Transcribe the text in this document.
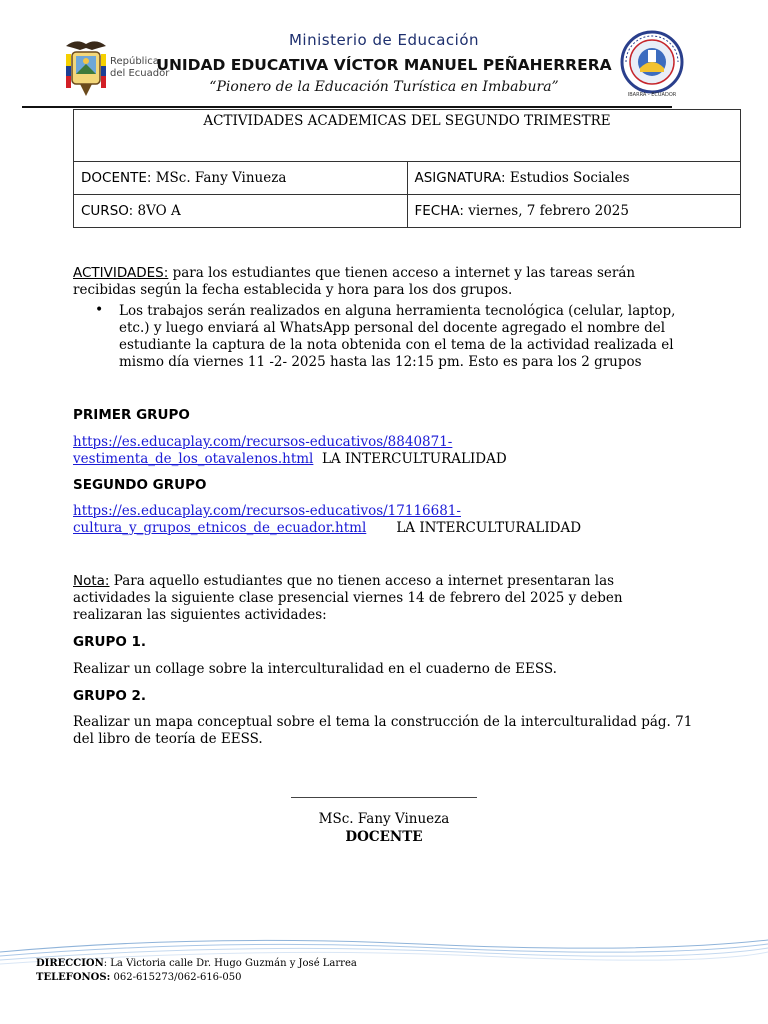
República
del Ecuador
Ministerio de Educación
UNIDAD EDUCATIVA VÍCTOR MANUEL PEÑAHERRERA
“Pionero de la Educación Turística en Imbabura”	IBARRA - ECUADOR
ACTIVIDADES ACADEMICAS DEL SEGUNDO TRIMESTRE	
DOCENTE: MSc. Fany Vinueza	ASIGNATURA: Estudios Sociales
CURSO: 8VO A	FECHA: viernes, 7 febrero 2025
ACTIVIDADES: para los estudiantes que tienen acceso a internet y las tareas serán recibidas según la fecha establecida y hora para los dos grupos.
• Los trabajos serán realizados en alguna herramienta tecnológica (celular, laptop, etc.) y luego enviará al WhatsApp personal del docente agregado el nombre del estudiante la captura de la nota obtenida con el tema de la actividad realizada el mismo día viernes 11 -2- 2025 hasta las 12:15 pm. Esto es para los 2 grupos
PRIMER GRUPO
https://es.educaplay.com/recursos-educativos/8840871-vestimenta_de_los_otavalenos.html LA INTERCULTURALIDAD
SEGUNDO GRUPO
https://es.educaplay.com/recursos-educativos/17116681-cultura_y_grupos_etnicos_de_ecuador.html LA INTERCULTURALIDAD
Nota: Para aquello estudiantes que no tienen acceso a internet presentaran las actividades la siguiente clase presencial viernes 14 de febrero del 2025 y deben realizaran las siguientes actividades:
GRUPO 1.
Realizar un collage sobre la interculturalidad en el cuaderno de EESS.
GRUPO 2.
Realizar un mapa conceptual sobre el tema la construcción de la interculturalidad pág. 71 del libro de teoría de EESS.
MSc. Fany Vinueza
DOCENTE
DIRECCION: La Victoria calle Dr. Hugo Guzmán y José Larrea
TELEFONOS: 062-615273/062-616-050
